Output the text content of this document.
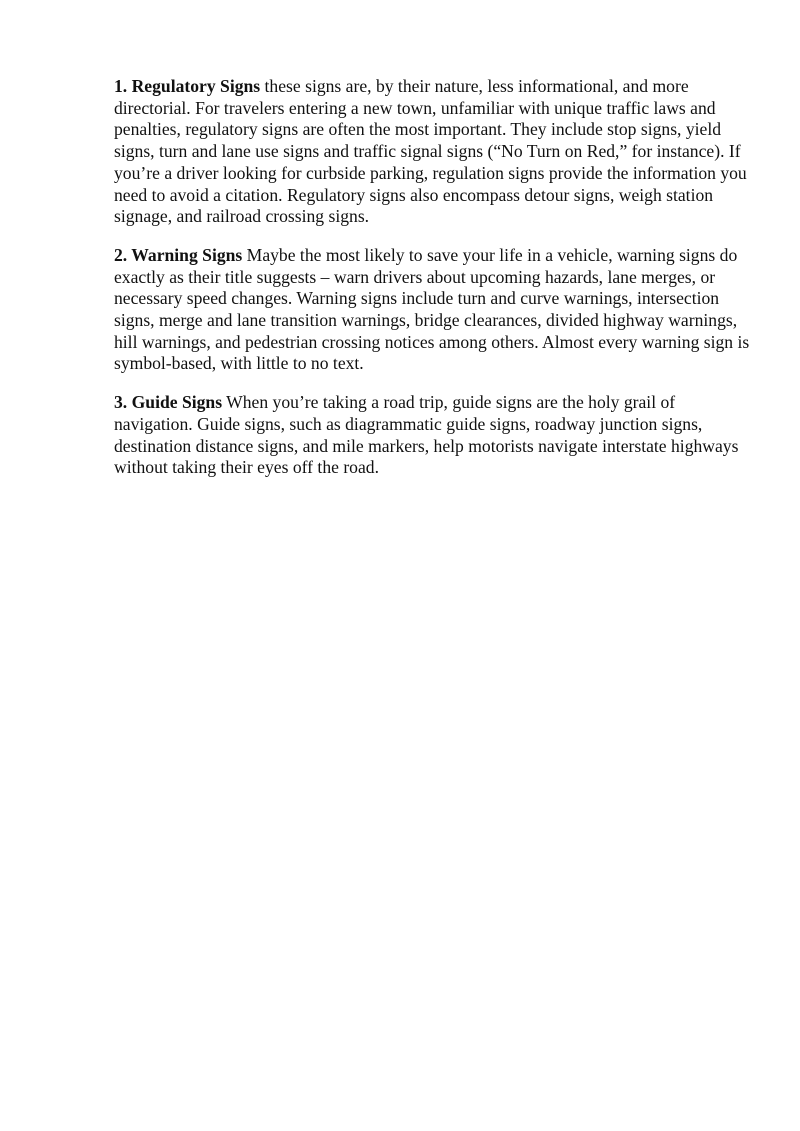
1. Regulatory Signs these signs are, by their nature, less informational, and more directorial. For travelers entering a new town, unfamiliar with unique traffic laws and penalties, regulatory signs are often the most important. They include stop signs, yield signs, turn and lane use signs and traffic signal signs (“No Turn on Red,” for instance). If you’re a driver looking for curbside parking, regulation signs provide the information you need to avoid a citation. Regulatory signs also encompass detour signs, weigh station signage, and railroad crossing signs.

2. Warning Signs Maybe the most likely to save your life in a vehicle, warning signs do exactly as their title suggests – warn drivers about upcoming hazards, lane merges, or necessary speed changes. Warning signs include turn and curve warnings, intersection signs, merge and lane transition warnings, bridge clearances, divided highway warnings, hill warnings, and pedestrian crossing notices among others. Almost every warning sign is symbol-based, with little to no text.

3. Guide Signs When you’re taking a road trip, guide signs are the holy grail of navigation. Guide signs, such as diagrammatic guide signs, roadway junction signs, destination distance signs, and mile markers, help motorists navigate interstate highways without taking their eyes off the road.
